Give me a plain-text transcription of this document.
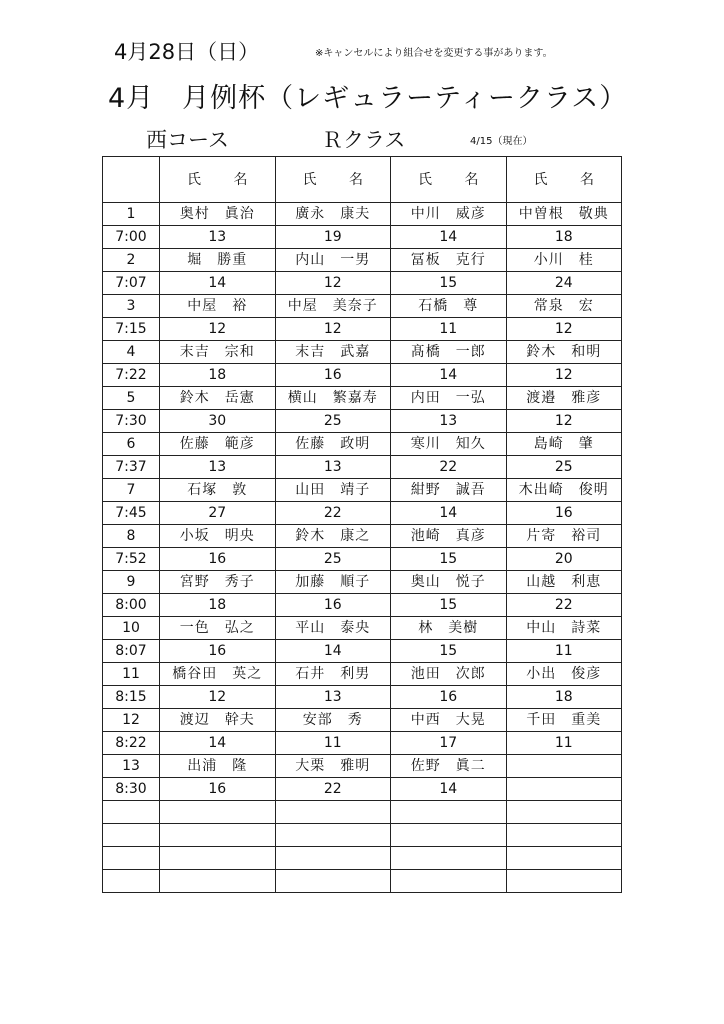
4月28日（日）	※キャンセルにより組合せを変更する事があります。
4月　月例杯（レギュラーティークラス）
西コース	Ｒクラス	4/15（現在）
	氏 名	氏 名	氏 名	氏 名
1	奥村　眞治	廣永　康夫	中川　威彦	中曽根　敬典
7:00	13	19	14	18
2	堀　勝重	内山　一男	冨板　克行	小川　桂
7:07	14	12	15	24
3	中屋　裕	中屋　美奈子	石橋　尊	常泉　宏
7:15	12	12	11	12
4	末吉　宗和	末吉　武嘉	髙橋　一郎	鈴木　和明
7:22	18	16	14	12
5	鈴木　岳憲	横山　繁嘉寿	内田　一弘	渡邉　雅彦
7:30	30	25	13	12
6	佐藤　範彦	佐藤　政明	寒川　知久	島崎　肇
7:37	13	13	22	25
7	石塚　敦	山田　靖子	紺野　誠吾	木出崎　俊明
7:45	27	22	14	16
8	小坂　明央	鈴木　康之	池崎　真彦	片寄　裕司
7:52	16	25	15	20
9	宮野　秀子	加藤　順子	奥山　悦子	山越　利恵
8:00	18	16	15	22
10	一色　弘之	平山　泰央	林　美樹	中山　詩菜
8:07	16	14	15	11
11	橋谷田　英之	石井　利男	池田　次郎	小出　俊彦
8:15	12	13	16	18
12	渡辺　幹夫	安部　秀	中西　大晃	千田　重美
8:22	14	11	17	11
13	出浦　隆	大栗　雅明	佐野　眞二	
8:30	16	22	14	
